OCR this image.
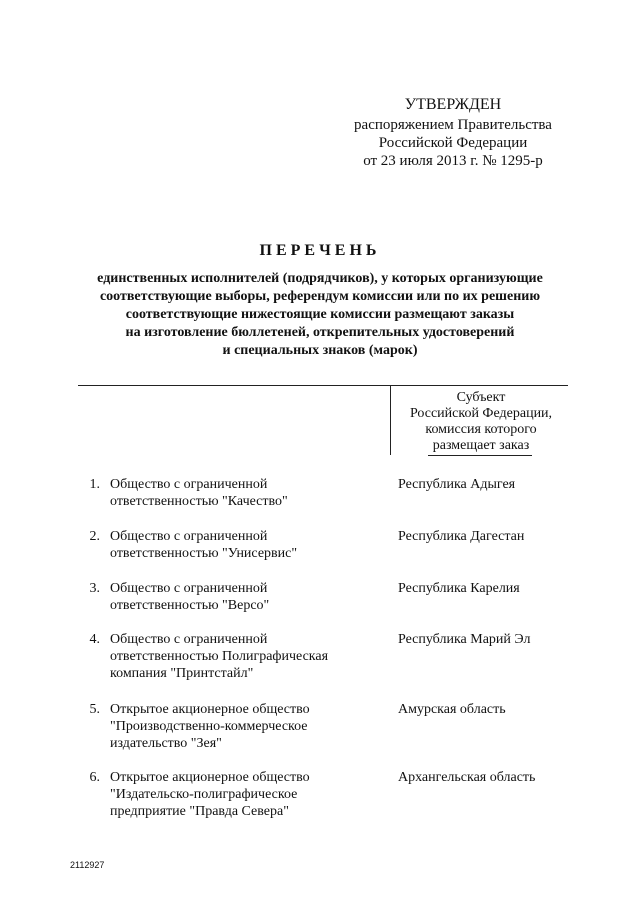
УТВЕРЖДЕН
распоряжением Правительства
Российской Федерации
от 23 июля 2013 г. № 1295-р
ПЕРЕЧЕНЬ
единственных исполнителей (подрядчиков), у которых организующие
соответствующие выборы, референдум комиссии или по их решению
соответствующие нижестоящие комиссии размещают заказы
на изготовление бюллетеней, открепительных удостоверений
и специальных знаков (марок)
Субъект
Российской Федерации,
комиссия которого
размещает заказ
1. Общество с ограниченной
ответственностью "Качество"
Республика Адыгея
2. Общество с ограниченной
ответственностью "Унисервис"
Республика Дагестан
3. Общество с ограниченной
ответственностью "Версо"
Республика Карелия
4. Общество с ограниченной
ответственностью Полиграфическая
компания "Принтстайл"
Республика Марий Эл
5. Открытое акционерное общество
"Производственно-коммерческое
издательство "Зея"
Амурская область
6. Открытое акционерное общество
"Издательско-полиграфическое
предприятие "Правда Севера"
Архангельская область
2112927
